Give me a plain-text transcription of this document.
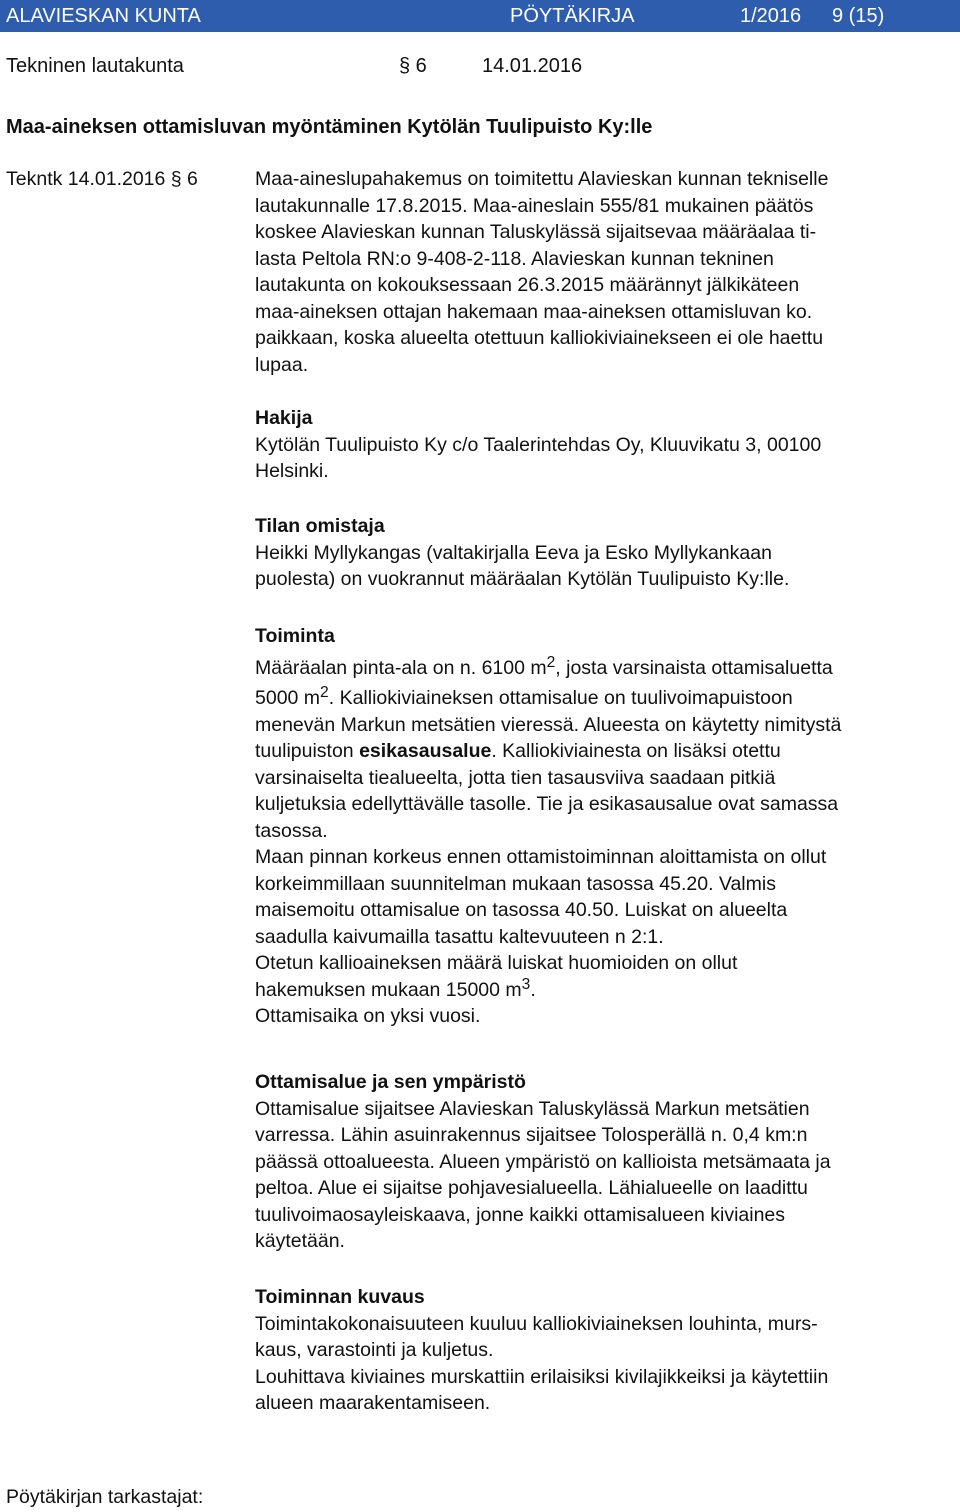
ALAVIESKAN KUNTA	PÖYTÄKIRJA	1/2016 9 (15)
Tekninen lautakunta	§ 6	14.01.2016
Maa-aineksen ottamisluvan myöntäminen Kytölän Tuulipuisto Ky:lle
Tekntk 14.01.2016 § 6	Maa-aineslupahakemus on toimitettu Alavieskan kunnan tekniselle

lautakunnalle 17.8.2015. Maa-aineslain 555/81 mukainen päätös

koskee Alavieskan kunnan Taluskylässä sijaitsevaa määräalaa ti-

lasta Peltola RN:o 9-408-2-118. Alavieskan kunnan tekninen

lautakunta on kokouksessaan 26.3.2015 määrännyt jälkikäteen

maa-aineksen ottajan hakemaan maa-aineksen ottamisluvan ko.

paikkaan, koska alueelta otettuun kalliokiviainekseen ei ole haettu

lupaa.

Hakija

Kytölän Tuulipuisto Ky c/o Taalerintehdas Oy, Kluuvikatu 3, 00100

Helsinki.

Tilan omistaja

Heikki Myllykangas (valtakirjalla Eeva ja Esko Myllykankaan

puolesta) on vuokrannut määräalan Kytölän Tuulipuisto Ky:lle.

Toiminta

Määräalan pinta-ala on n. 6100 $m^2$, josta varsinaista ottamisaluetta

5000 $m^2$. Kalliokiviaineksen ottamisalue on tuulivoimapuistoon

menevän Markun metsätien vieressä. Alueesta on käytetty nimitystä

tuulipuiston esikasausalue. Kalliokiviainesta on lisäksi otettu

varsinaiselta tiealueelta, jotta tien tasausviiva saadaan pitkiä

kuljetuksia edellyttävälle tasolle. Tie ja esikasausalue ovat samassa

tasossa.

Maan pinnan korkeus ennen ottamistoiminnan aloittamista on ollut

korkeimmillaan suunnitelman mukaan tasossa 45.20. Valmis

maisemoitu ottamisalue on tasossa 40.50. Luiskat on alueelta

saadulla kaivumailla tasattu kaltevuuteen n 2:1.

Otetun kallioaineksen määrä luiskat huomioiden on ollut

hakemuksen mukaan 15000 $m^3$.

Ottamisaika on yksi vuosi.

Ottamisalue ja sen ympäristö

Ottamisalue sijaitsee Alavieskan Taluskylässä Markun metsätien

varressa. Lähin asuinrakennus sijaitsee Tolosperällä n. 0,4 km:n

päässä ottoalueesta. Alueen ympäristö on kallioista metsämaata ja

peltoa. Alue ei sijaitse pohjavesialueella. Lähialueelle on laadittu

tuulivoimaosayleiskaava, jonne kaikki ottamisalueen kiviaines

käytetään.

Toiminnan kuvaus

Toimintakokonaisuuteen kuuluu kalliokiviaineksen louhinta, murs-

kaus, varastointi ja kuljetus.

Louhittava kiviaines murskattiin erilaisiksi kivilajikkeiksi ja käytettiin

alueen maarakentamiseen.

Pöytäkirjan tarkastajat:
